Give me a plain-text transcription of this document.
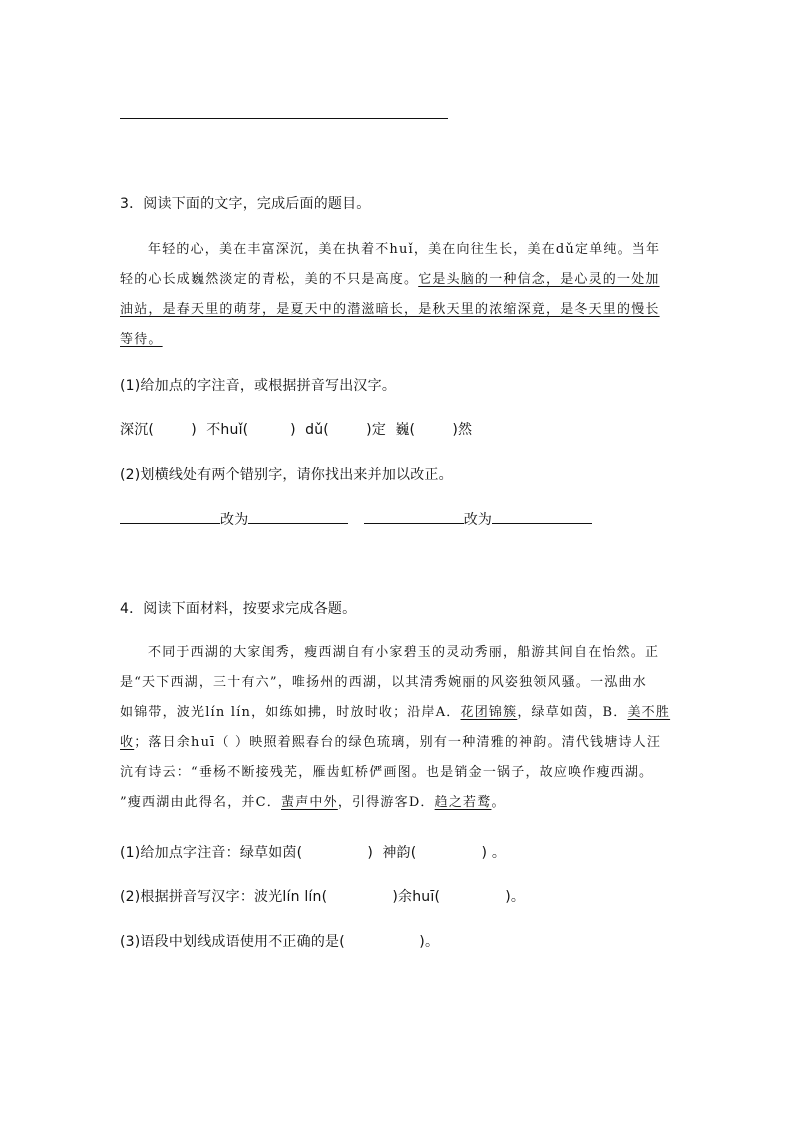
3．阅读下面的文字，完成后面的题目。
年轻的心，美在丰富深沉，美在执着不huǐ，美在向往生长，美在dǔ定单纯。当年
轻的心长成巍然淡定的青松，美的不只是高度。它是头脑的一种信念，是心灵的一处加
油站，是春天里的萌芽，是夏天中的潜滋暗长，是秋天里的浓缩深竟，是冬天里的慢长
等待。
(1)给加点的字注音，或根据拼音写出汉字。
深沉(        )  不huǐ(         )  dǔ(        )定  巍(        )然
(2)划横线处有两个错别字，请你找出来并加以改正。
改为	改为
4．阅读下面材料，按要求完成各题。
不同于西湖的大家闺秀，瘦西湖自有小家碧玉的灵动秀丽，船游其间自在怡然。正
是“天下西湖，三十有六”，唯扬州的西湖，以其清秀婉丽的风姿独领风骚。一泓曲水
如锦带，波光lín lín，如练如拂，时放时收；沿岸A．花团锦簇，绿草如茵，B．美不胜
收；落日余huī（ ）映照着熙春台的绿色琉璃，别有一种清雅的神韵。清代钱塘诗人汪
沆有诗云：“垂杨不断接残芜，雁齿虹桥俨画图。也是销金一锅子，故应唤作瘦西湖。
”瘦西湖由此得名，并C．蜚声中外，引得游客D．趋之若鹜。
(1)给加点字注音：绿草如茵(              )  神韵(              ) 。
(2)根据拼音写汉字：波光lín lín(              )余huī(              )。
(3)语段中划线成语使用不正确的是(                )。
